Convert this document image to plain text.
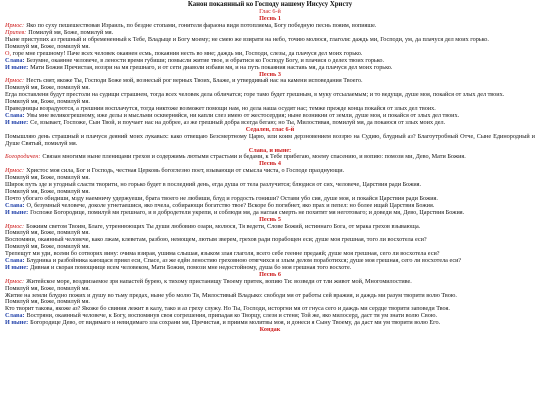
Канон покаянный ко Господу нашему Иисусу Христу

Глас 6-й

Песнь 1

Ирмос: Яко по суху пешешествовав Израиль, по бездне стопами, гонителя фараона видя потопляема, Богу победную песнь пояим, вопияше.

Припев: Помилуй мя, Боже, помилуй мя.

Ныне приступих аз грешный и обремененный к Тебе, Владыце и Богу моему; не смею же взирати на небо, точию молюся, глаголя: даждь ми, Господи, ум, да плачуся дел моих горько.

Помилуй мя, Боже, помилуй мя.

О, горе мне грешному! Паче всех человек окаянен есмь, покаяния несть во мне; даждь ми, Господи, слезы, да плачуся дел моих горько.

Слава: Безумне, окаянне человече, в лености время губиши; помысли житие твое, и обратися ко Господу Богу, и плачися о делех твоих горько.

И ныне: Мати Божия Пречистая, воззри на мя грешнаго, и от сети диаволи избави мя, и на путь покаяния наставь мя, да плачуся дел моих горько.

Песнь 3

Ирмос: Несть свят, якоже Ты, Господи Боже мой, вознесый рог верных Твоих, Блаже, и утвердивый нас на камени исповедания Твоего.

Помилуй мя, Боже, помилуй мя.

Егда поставлени будут престоли на судищи страшнем, тогда всех человек дела обличатся; горе тамо будет грешным, в муку отсылаемым; и то ведущи, душе моя, покайся от злых дел твоих.

Помилуй мя, Боже, помилуй мя.

Праведницы возрадуются, а грешнии восплачутся, тогда никтоже возможет помощи нам, но дела наша осудят нас; темже прежде конца покайся от злых дел твоих.

Слава: Увы мне великогрешному, иже делы и мысльми оскверняйся, ни капли слез имею от жестосердия; ныне возникни от земли, душе моя, и покайся от злых дел твоих.

И ныне: Се, взывает, Госпоже, Сын Твой, и поучает нас на добрее, аз же грешный добра всегда бегаю; но Ты, Милостивая, помилуй мя, да покаюся от злых моих дел.

Седален, глас 6-й

Помышляю день страшный и плачуся деяний моих лукавых: како отвещаю Безсмертному Царю, или коим дерзновением воззрю на Судию, блудный аз? Благоутробный Отче, Сыне Единородный и Душе Святый, помилуй мя.

Слава, и ныне:

Богородичен: Связан многими ныне пленицами грехов и содержимь лютыми страстьми и бедами, к Тебе прибегаю, моему спасению, и вопию: помози ми, Дево, Мати Божия.

Песнь 4

Ирмос: Христос моя сила, Бог и Господь, честная Церковь богоглезно поет, взывающи от смысла чиста, о Господе празднующи.

Помилуй мя, Боже, помилуй мя.

Широк путь зде и угодный сласти творити, но горько будет в последний день, егда душа от тела разлучится; блюдися от сих, человече, Царствия ради Божия.

Помилуй мя, Боже, помилуй мя.

Почто убогаго обидиши, мзду наемничу удержуеши, брата твоего не любиши, блуд и гордость гониши? Остави убо сия, душе моя, и покайся Царствия ради Божия.

Слава: О, безумный человече, доколе угнетаешися, яко пчела, собирающи богатство твое? Вскоре бо погибнет, яко прах и пепел: но более ищай Царствия Божия.

И ныне: Госпоже Богородице, помилуй мя грешнаго, и в добродетели укрепи, и соблюди мя, да наглая смерть не похитит мя неготоваго; и доведи мя, Дево, Царствия Божия.

Песнь 5

Ирмос: Божиим светом Твоим, Благе, утреннюющих Ты души любовию озари, молюся, Тя ведети, Слове Божий, истиннаго Бога, от мрака грехов взывающа.

Помилуй мя, Боже, помилуй мя.

Воспомяни, окаянный человече, како лжам, клеветам, разбою, немощем, лютым зверем, грехов ради порабощен еси; душе моя грешная, того ли восхотела еси?

Помилуй мя, Боже, помилуй мя.

Трепещут ми уди, всеми бо сотворих вину: очима взирая, ушима слышая, языком злая глаголя, всего себе геенне предаяй; душе моя грешная, сего ли восхотела еси?

Слава: Блудника и разбойника кающася приял еси, Спасе, аз же едйн леностию греховною отягчихся и злым делом поработихся; душе моя грешная, сего ли восхотела еси?

И ныне: Дивная и скорая помощнице всем человеком, Мати Божия, помози мне недостойному, душа бо моя грешная того восхоте.

Песнь 6

Ирмос: Житейское море, воздвизаемое зря напастей бурею, к тихому пристанищу Твоему притек, вопию Ти: возведи от тли живот мой, Многомилостиве.

Помилуй мя, Боже, помилуй мя.

Житие на земли блудно пожих и душу во тьму предах, ныне убо молю Тя, Милостивый Владыко: свободи мя от работы сей вражия, и даждь ми разум творити волю Твою.

Помилуй мя, Боже, помилуй мя.

Кто творит такова, якоже аз? Якоже бо свиния лежит в калу, тако и аз греху служу. Но Ты, Господи, исторгни мя от гнуса сего и даждь ми сердце творити заповеди Твоя.

Слава: Востряни, окаянный человече, к Богу, воспомянув своя согрешения, припадая ко Творцу, слезя и стеня; Той же, яко милосерд, даст ти ум знати волю Свою.

И ныне: Богородице Дево, от видимаго и невидимаго зла сохрани мя, Пречистая, и приими молитвы моя, и донеси я Сыну Твоему, да даст ми ум творити волю Его.

Кондак
